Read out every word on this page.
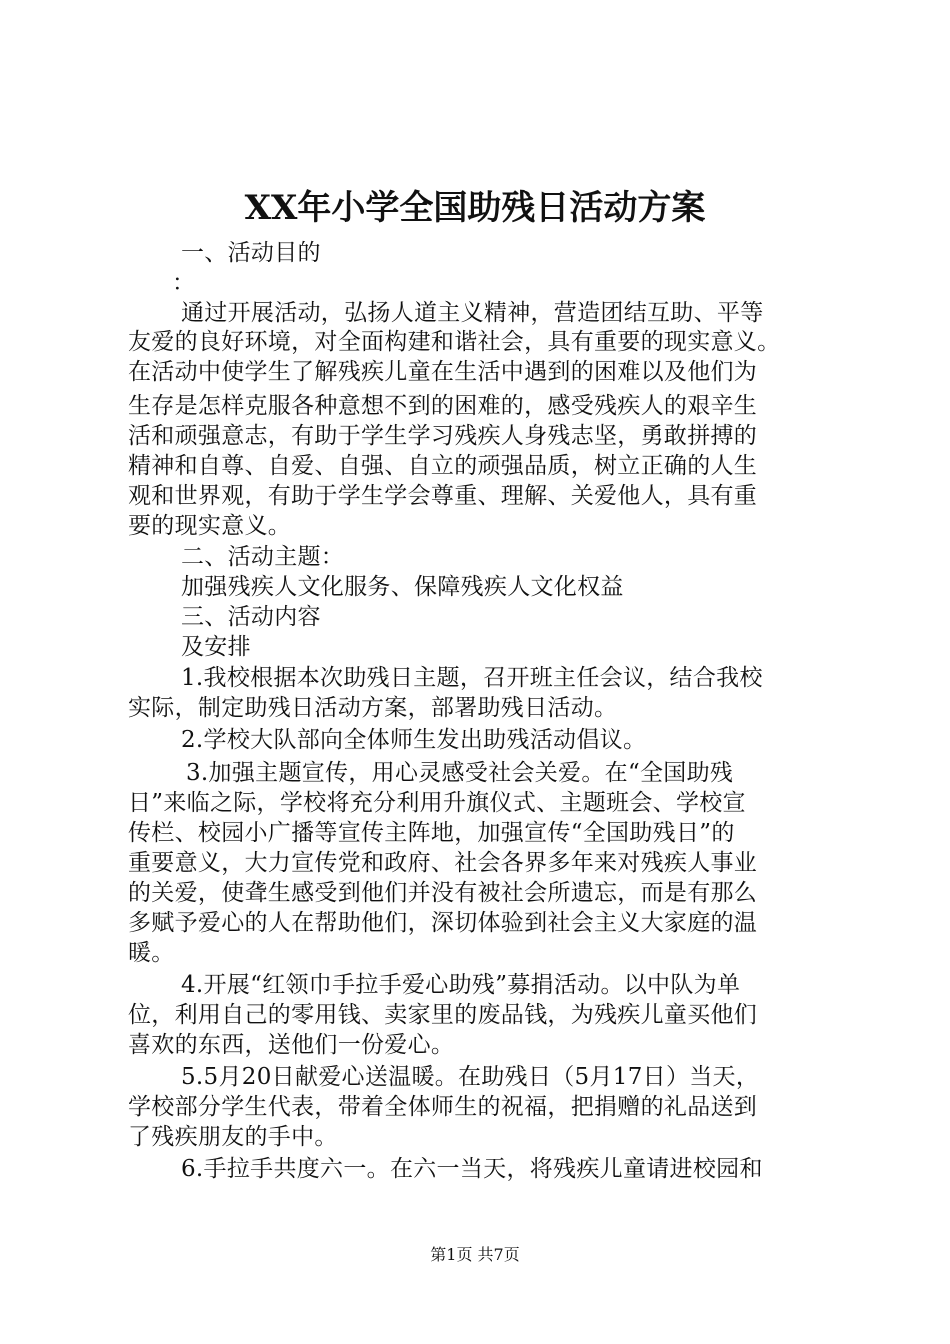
XX年小学全国助残日活动方案
一、活动目的
：
通过开展活动，弘扬人道主义精神，营造团结互助、平等
友爱的良好环境，对全面构建和谐社会，具有重要的现实意义。
在活动中使学生了解残疾儿童在生活中遇到的困难以及他们为
生存是怎样克服各种意想不到的困难的，感受残疾人的艰辛生
活和顽强意志，有助于学生学习残疾人身残志坚，勇敢拼搏的
精神和自尊、自爱、自强、自立的顽强品质，树立正确的人生
观和世界观，有助于学生学会尊重、理解、关爱他人，具有重
要的现实意义。
二、活动主题：
加强残疾人文化服务、保障残疾人文化权益
三、活动内容
及安排
1.我校根据本次助残日主题，召开班主任会议，结合我校
实际，制定助残日活动方案，部署助残日活动。
2.学校大队部向全体师生发出助残活动倡议。
3.加强主题宣传，用心灵感受社会关爱。在“全国助残
日”来临之际，学校将充分利用升旗仪式、主题班会、学校宣
传栏、校园小广播等宣传主阵地，加强宣传“全国助残日”的
重要意义，大力宣传党和政府、社会各界多年来对残疾人事业
的关爱，使聋生感受到他们并没有被社会所遗忘，而是有那么
多赋予爱心的人在帮助他们，深切体验到社会主义大家庭的温
暖。
4.开展“红领巾手拉手爱心助残”募捐活动。以中队为单
位，利用自己的零用钱、卖家里的废品钱，为残疾儿童买他们
喜欢的东西，送他们一份爱心。
5.5月20日献爱心送温暖。在助残日（5月17日）当天，
学校部分学生代表，带着全体师生的祝福，把捐赠的礼品送到
了残疾朋友的手中。
6.手拉手共度六一。在六一当天，将残疾儿童请进校园和
第1页 共7页
